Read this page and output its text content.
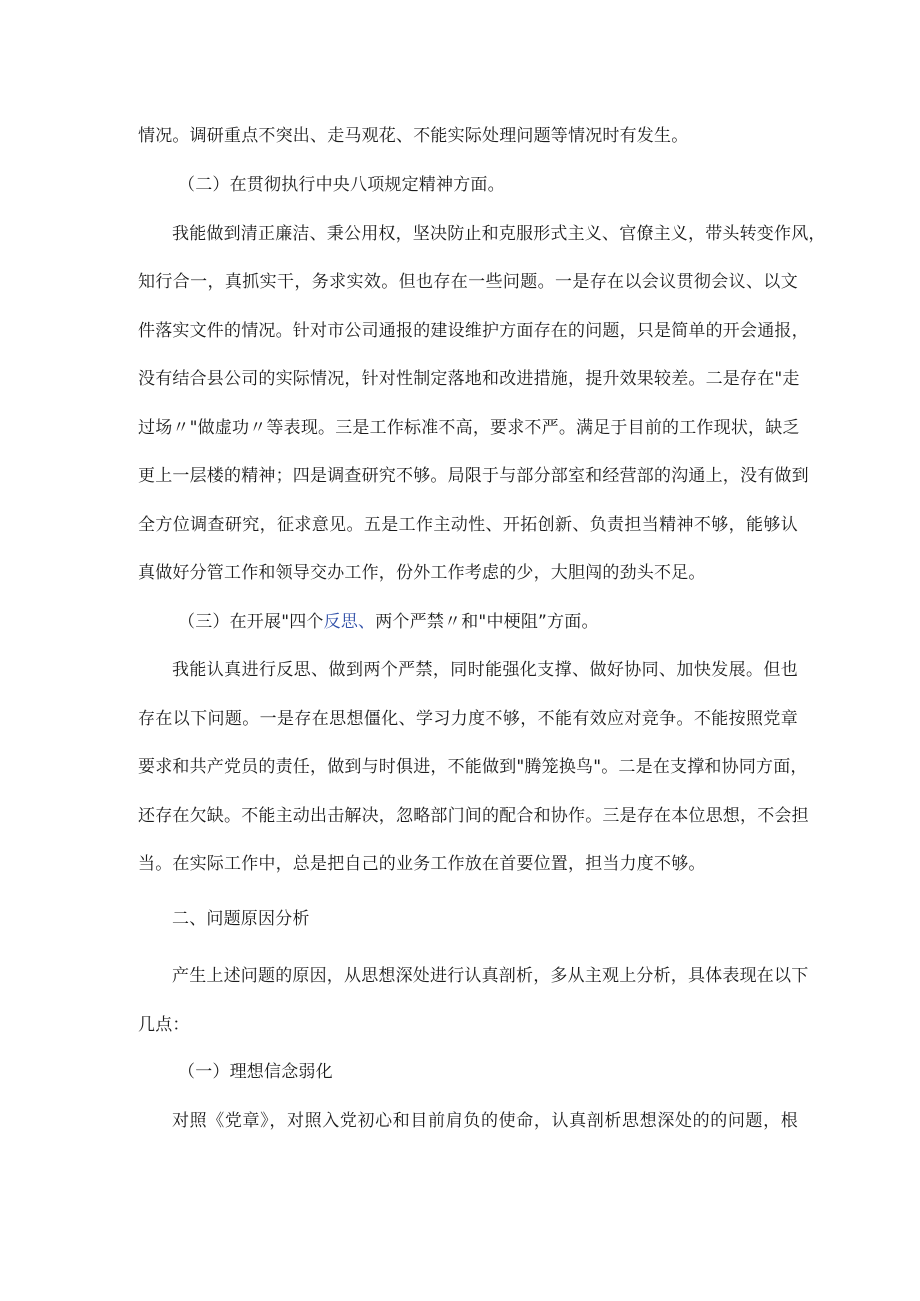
情况。调研重点不突出、走马观花、不能实际处理问题等情况时有发生。
（二）在贯彻执行中央八项规定精神方面。
我能做到清正廉洁、秉公用权，坚决防止和克服形式主义、官僚主义，带头转变作风，
知行合一，真抓实干，务求实效。但也存在一些问题。一是存在以会议贯彻会议、以文
件落实文件的情况。针对市公司通报的建设维护方面存在的问题，只是简单的开会通报，
没有结合县公司的实际情况，针对性制定落地和改进措施，提升效果较差。二是存在"走
过场〃"做虚功〃等表现。三是工作标准不高，要求不严。满足于目前的工作现状，缺乏
更上一层楼的精神；四是调查研究不够。局限于与部分部室和经营部的沟通上，没有做到
全方位调查研究，征求意见。五是工作主动性、开拓创新、负责担当精神不够，能够认
真做好分管工作和领导交办工作，份外工作考虑的少，大胆闯的劲头不足。
（三）在开展"四个反思、两个严禁〃和"中梗阻”方面。
我能认真进行反思、做到两个严禁，同时能强化支撑、做好协同、加快发展。但也
存在以下问题。一是存在思想僵化、学习力度不够，不能有效应对竞争。不能按照党章
要求和共产党员的责任，做到与时俱进，不能做到"腾笼换鸟"。二是在支撑和协同方面，
还存在欠缺。不能主动出击解决，忽略部门间的配合和协作。三是存在本位思想，不会担
当。在实际工作中，总是把自己的业务工作放在首要位置，担当力度不够。
二、问题原因分析
产生上述问题的原因，从思想深处进行认真剖析，多从主观上分析，具体表现在以下
几点：
（一）理想信念弱化
对照《党章》，对照入党初心和目前肩负的使命，认真剖析思想深处的的问题，根
